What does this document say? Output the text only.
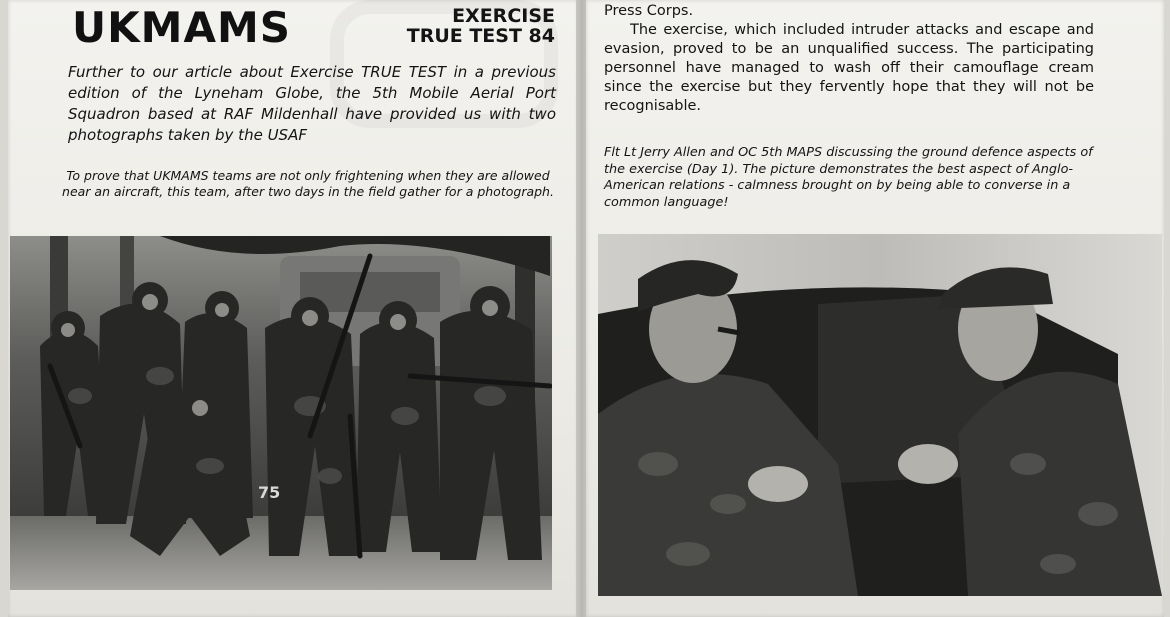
UKMAMS	EXERCISE
TRUE TEST 84

Further to our article about Exercise TRUE TEST in a previous edition of the Lyneham Globe, the 5th Mobile Aerial Port Squadron based at RAF Mildenhall have provided us with two photographs taken by the USAF

To prove that UKMAMS teams are not only frightening when they are allowed near an aircraft, this team, after two days in the field gather for a photograph.

75

Press Corps.

The exercise, which included intruder attacks and escape and evasion, proved to be an unqualified success. The participating personnel have managed to wash off their camouflage cream since the exercise but they fervently hope that they will not be recognisable.

Flt Lt Jerry Allen and OC 5th MAPS discussing the ground defence aspects of the exercise (Day 1). The picture demonstrates the best aspect of Anglo-American relations - calmness brought on by being able to converse in a common language!
